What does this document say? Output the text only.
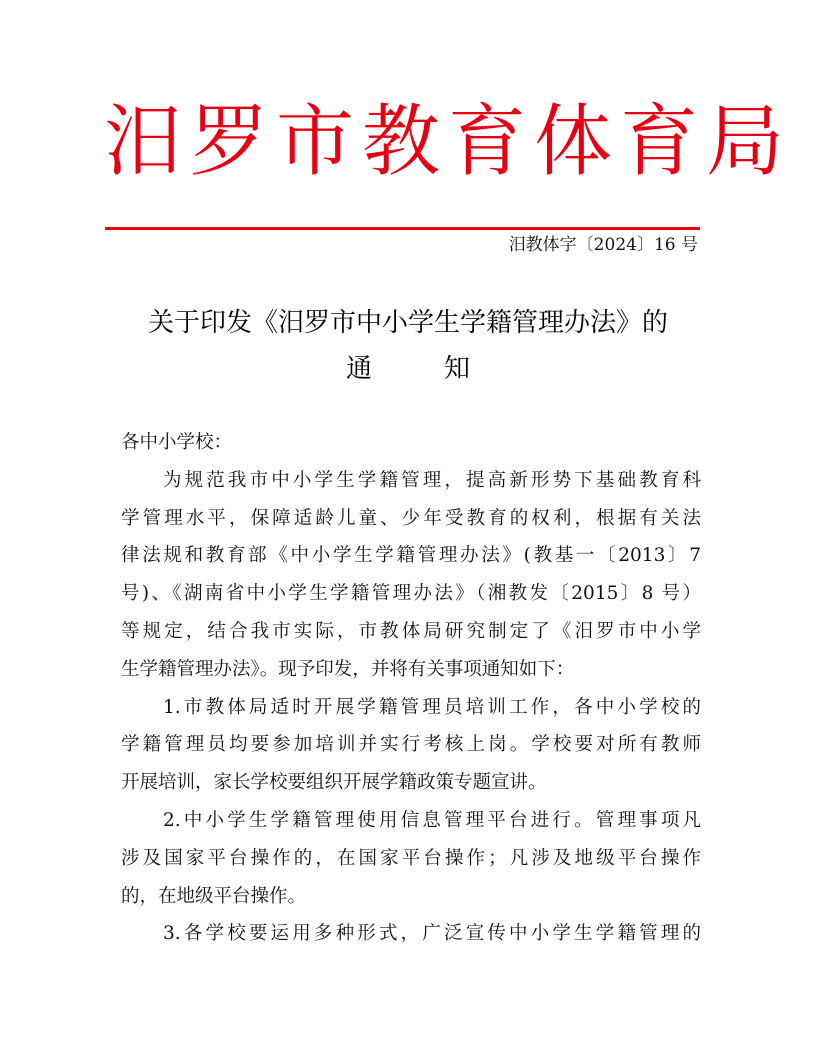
汨罗市教育体育局
汨教体字〔2024〕16 号
关于印发《汨罗市中小学生学籍管理办法》的
通知

各中小学校：

为规范我市中小学生学籍管理，提高新形势下基础教育科

学管理水平，保障适龄儿童、少年受教育的权利，根据有关法

律法规和教育部《中小学生学籍管理办法》(教基一〔2013〕7

号)、《湖南省中小学生学籍管理办法》（湘教发〔2015〕8 号）

等规定，结合我市实际，市教体局研究制定了《汨罗市中小学

生学籍管理办法》。现予印发，并将有关事项通知如下：

1.市教体局适时开展学籍管理员培训工作，各中小学校的

学籍管理员均要参加培训并实行考核上岗。学校要对所有教师

开展培训，家长学校要组织开展学籍政策专题宣讲。

2.中小学生学籍管理使用信息管理平台进行。管理事项凡

涉及国家平台操作的，在国家平台操作；凡涉及地级平台操作

的，在地级平台操作。

3.各学校要运用多种形式，广泛宣传中小学生学籍管理的
